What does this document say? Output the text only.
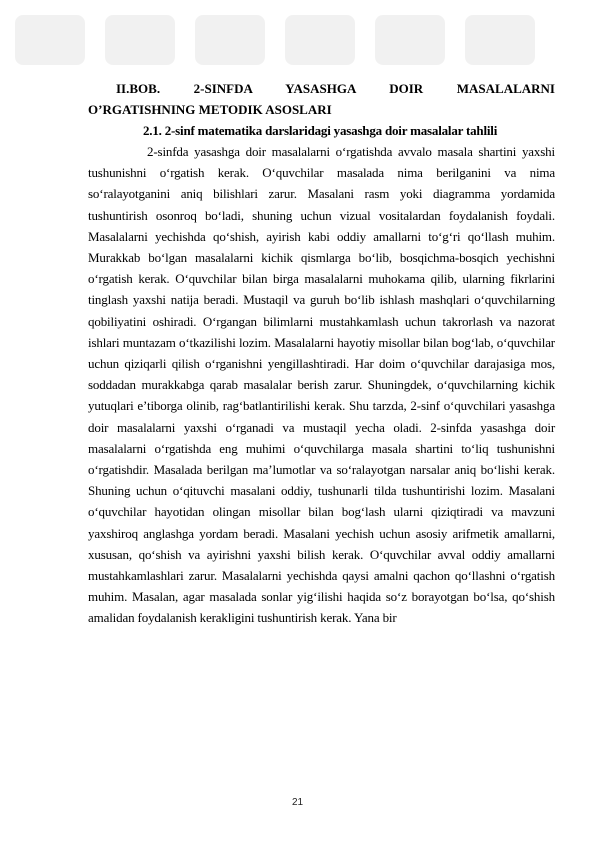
II.BOB. 2-SINFDA YASASHGA DOIR MASALALARNI

O’RGATISHNING METODIK ASOSLARI

2.1. 2-sinf matematika darslaridagi yasashga doir masalalar tahlili

2-sinfda yasashga doir masalalarni o‘rgatishda avvalo masala shartini yaxshi tushunishni o‘rgatish kerak. O‘quvchilar masalada nima berilganini va nima so‘ralayotganini aniq bilishlari zarur. Masalani rasm yoki diagramma yordamida tushuntirish osonroq bo‘ladi, shuning uchun vizual vositalardan foydalanish foydali. Masalalarni yechishda qo‘shish, ayirish kabi oddiy amallarni to‘g‘ri qo‘llash muhim. Murakkab bo‘lgan masalalarni kichik qismlarga bo‘lib, bosqichma-bosqich yechishni o‘rgatish kerak. O‘quvchilar bilan birga masalalarni muhokama qilib, ularning fikrlarini tinglash yaxshi natija beradi. Mustaqil va guruh bo‘lib ishlash mashqlari o‘quvchilarning qobiliyatini oshiradi. O‘rgangan bilimlarni mustahkamlash uchun takrorlash va nazorat ishlari muntazam o‘tkazilishi lozim. Masalalarni hayotiy misollar bilan bog‘lab, o‘quvchilar uchun qiziqarli qilish o‘rganishni yengillashtiradi. Har doim o‘quvchilar darajasiga mos, soddadan murakkabga qarab masalalar berish zarur. Shuningdek, o‘quvchilarning kichik yutuqlari e’tiborga olinib, rag‘batlantirilishi kerak. Shu tarzda, 2-sinf o‘quvchilari yasashga doir masalalarni yaxshi o‘rganadi va mustaqil yecha oladi. 2-sinfda yasashga doir masalalarni o‘rgatishda eng muhimi o‘quvchilarga masala shartini to‘liq tushunishni o‘rgatishdir. Masalada berilgan ma’lumotlar va so‘ralayotgan narsalar aniq bo‘lishi kerak. Shuning uchun o‘qituvchi masalani oddiy, tushunarli tilda tushuntirishi lozim. Masalani o‘quvchilar hayotidan olingan misollar bilan bog‘lash ularni qiziqtiradi va mavzuni yaxshiroq anglashga yordam beradi. Masalani yechish uchun asosiy arifmetik amallarni, xususan, qo‘shish va ayirishni yaxshi bilish kerak. O‘quvchilar avval oddiy amallarni mustahkamlashlari zarur. Masalalarni yechishda qaysi amalni qachon qo‘llashni o‘rgatish muhim. Masalan, agar masalada sonlar yig‘ilishi haqida so‘z borayotgan bo‘lsa, qo‘shish amalidan foydalanish kerakligini tushuntirish kerak. Yana bir

21
